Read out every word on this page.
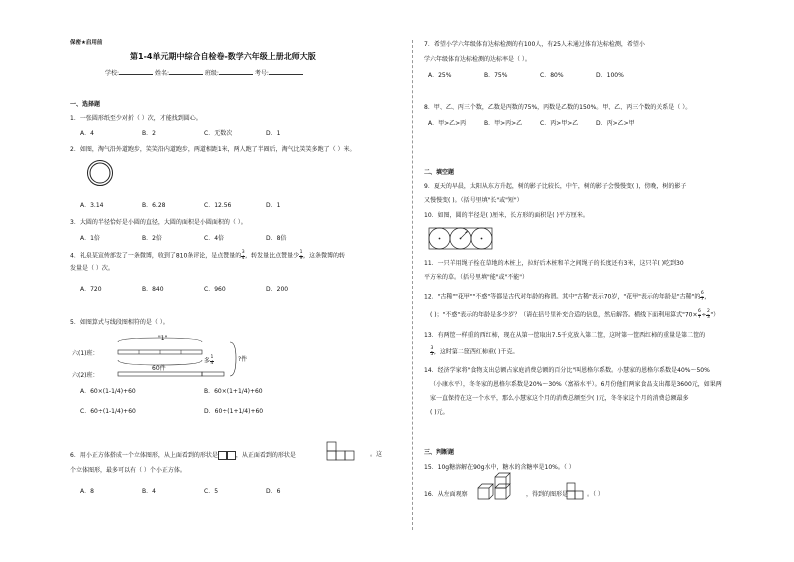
保密★启用前
第1-4单元期中综合自检卷-数学六年级上册北师大版
学校:	姓名:	班级:	考号:
一、选择题
1．一张圆形纸至少对折（ ）次，才能找到圆心。
A．4	B．2	C．无数次	D．1
2．如图，淘气沿外道跑步，笑笑沿内道跑步，两道相距1米，两人跑了半圈后，淘气比笑笑多跑了（ ）米。
A．3.14	B．6.28	C．12.56	D．1
3．大圆的半径恰好是小圆的直径，大圆的面积是小圆面积的（ ）。
A．1倍	B．2倍	C．4倍	D．8倍
4．礼泉某宣传部发了一条微博，收到了810条评论，是点赞量的 $\frac{3}{4}$ ，转发量比点赞量少 $\frac{1}{9}$ ，这条微博的转
发量是（ ）次。
A．720	B．840	C．960	D．200
5．如图算式与线段图相符的是（ ）。
"1"
六(1)班：
六(2)班：
60件
多 $\frac{1}{4}$	?件
A．60×(1-1/4)+60	B．60×(1+1/4)+60
C．60÷(1-1/4)+60	D．60÷(1+1/4)+60
6．用小正方体搭成一个立体图形，从上面看到的形状是	，从正面看到的形状是	。这
个立体图形，最多可以有（ ）个小正方体。
A．8	B．4	C．5	D．6
7．希望小学六年级体育达标检测的有100人，有25人未通过体育达标检测，希望小
学六年级体育达标检测的达标率是（ ）。
A．25%	B．75%	C．80%	D．100%
8．甲、乙、丙三个数，乙数是丙数的75%，丙数是乙数的150%。甲、乙、丙三个数的关系是（ ）。
A．甲>乙>丙	B．甲>丙>乙	C．丙>甲>乙	D．丙>乙>甲
二、填空题
9．夏天的早晨，太阳从东方升起，树的影子比较长，中午，树的影子会慢慢变( )，傍晚，树的影子
又慢慢变( )。（括号里填"长"或"短"）
10．如图，圆的半径是( )厘米，长方形的面积是( )平方厘米。
2
11．一只羊用绳子拴在草地的木桩上，拉好后木桩和羊之间绳子的长度还有3米，这只羊( )吃到30
平方米的草。（括号里填"能"或"不能"）
12．"古稀""花甲""不惑"等都是古代对年龄的称谓。其中"古稀"表示70岁，"花甲"表示的年龄是"古稀"的 $\frac{6}{7}$ ，
( )；"不惑"表示的年龄是多少岁？（请在括号里补充合适的信息，然后解答。横线下面利用算式"$70\times \frac{6}{7} \div \frac{2}{3}$ "）
13．有两筐一样重的西红柿，现在从第一筐取出7.5千克放入第二筐，这时第一筐西红柿的重量是第二筐的
$\frac{3}{5}$ ，这时第二筐西红柿重( )千克。
14．经济学家将"食物支出总额占家庭消费总额的百分比"叫恩格尔系数。小慧家的恩格尔系数是40%～50%
（小康水平），冬冬家的恩格尔系数是20%～30%（富裕水平）。6月份他们两家食品支出都是3600元，如果两
家一直保持在这一个水平，那么小慧家这个月的消费总额至少( )元，冬冬家这个月的消费总额最多
( )元。
三、判断题
15．10g糖溶解在90g水中，糖水的含糖率是10%。（ ）
16．从左面观察	，得到的图形是	。（ ）
